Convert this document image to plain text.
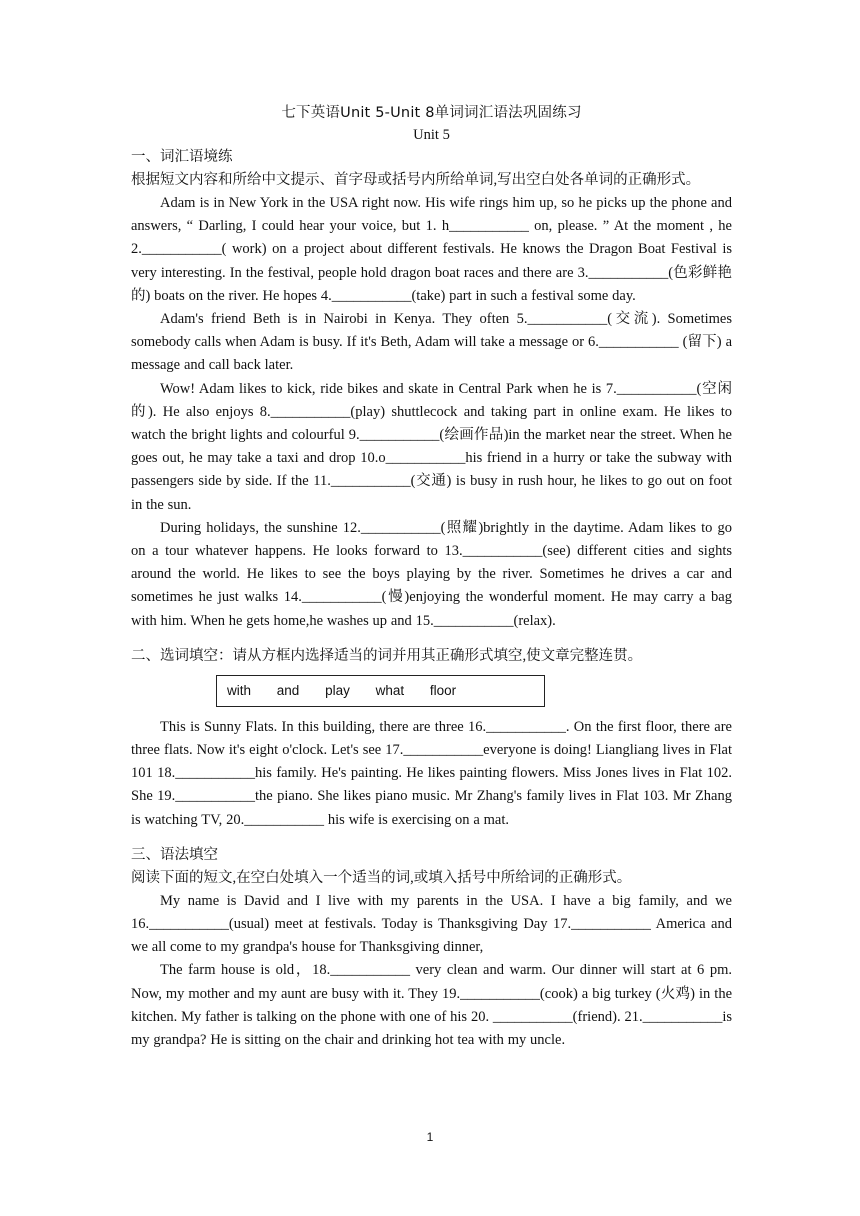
七下英语Unit 5-Unit 8单词词汇语法巩固练习
Unit 5
一、词汇语境练
根据短文内容和所给中文提示、首字母或括号内所给单词,写出空白处各单词的正确形式。

Adam is in New York in the USA right now. His wife rings him up, so he picks up the phone and answers, “ Darling, I could hear your voice, but 1. h___________ on, please. ” At the moment , he 2.___________( work) on a project about different festivals. He knows the Dragon Boat Festival is very interesting. In the festival, people hold dragon boat races and there are 3.___________(色彩鲜艳的) boats on the river. He hopes 4.___________(take) part in such a festival some day.

Adam's friend Beth is in Nairobi in Kenya. They often 5.___________(交流). Sometimes somebody calls when Adam is busy. If it's Beth, Adam will take a message or 6.___________ (留下) a message and call back later.

Wow! Adam likes to kick, ride bikes and skate in Central Park when he is 7.___________(空闲的). He also enjoys 8.___________(play) shuttlecock and taking part in online exam. He likes to watch the bright lights and colourful 9.___________(绘画作品)in the market near the street. When he goes out, he may take a taxi and drop 10.o___________his friend in a hurry or take the subway with passengers side by side. If the 11.___________(交通) is busy in rush hour, he likes to go out on foot in the sun.

During holidays, the sunshine 12.___________(照耀)brightly in the daytime. Adam likes to go on a tour whatever happens. He looks forward to 13.___________(see) different cities and sights around the world. He likes to see the boys playing by the river. Sometimes he drives a car and sometimes he just walks 14.___________(慢)enjoying the wonderful moment. He may carry a bag with him. When he gets home,he washes up and 15.___________(relax).

二、选词填空：请从方框内选择适当的词并用其正确形式填空,使文章完整连贯。
with and play what floor

This is Sunny Flats. In this building, there are three 16.___________. On the first floor, there are three flats. Now it's eight o'clock. Let's see 17.___________everyone is doing! Liangliang lives in Flat 101 18.___________his family. He's painting. He likes painting flowers. Miss Jones lives in Flat 102. She 19.___________the piano. She likes piano music. Mr Zhang's family lives in Flat 103. Mr Zhang is watching TV, 20.___________ his wife is exercising on a mat.

三、语法填空
阅读下面的短文,在空白处填入一个适当的词,或填入括号中所给词的正确形式。

My name is David and I live with my parents in the USA. I have a big family, and we 16.___________(usual) meet at festivals. Today is Thanksgiving Day 17.___________ America and we all come to my grandpa's house for Thanksgiving dinner,

The farm house is old，18.___________ very clean and warm. Our dinner will start at 6 pm. Now, my mother and my aunt are busy with it. They 19.___________(cook) a big turkey (火鸡) in the kitchen. My father is talking on the phone with one of his 20. ___________(friend). 21.___________is my grandpa? He is sitting on the chair and drinking hot tea with my uncle.

1
